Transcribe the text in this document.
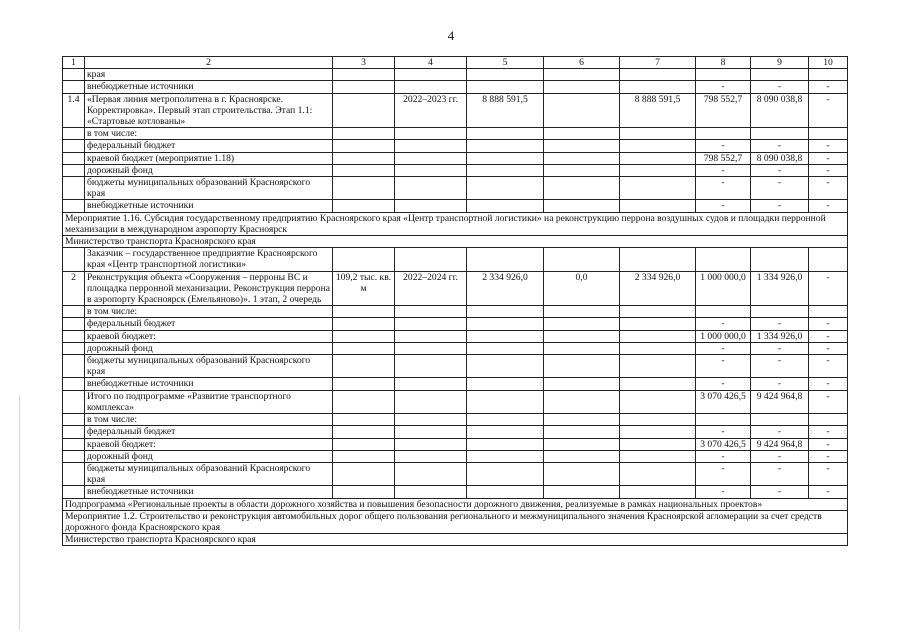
4
1	2	3	4	5	6	7	8	9	10
	края								
	внебюджетные источники						-	-	-
1.4	«Первая линия метрополитена в г. Красноярске. Корректировка». Первый этап строительства. Этап 1.1: «Стартовые котлованы»		2022–2023 гг.	8 888 591,5		8 888 591,5	798 552,7	8 090 038,8	-
	в том числе:								
	федеральный бюджет						-	-	-
	краевой бюджет (мероприятие 1.18)						798 552,7	8 090 038,8	-
	дорожный фонд						-	-	-
	бюджеты муниципальных образований Красноярского края						-	-	-
	внебюджетные источники						-	-	-
Мероприятие 1.16. Субсидия государственному предприятию Красноярского края «Центр транспортной логистики» на реконструкцию перрона воздушных судов и площадки перронной механизации в международном аэропорту Красноярск									
Министерство транспорта Красноярского края									
	Заказчик – государственное предприятие Красноярского края «Центр транспортной логистики»								
2	Реконструкция объекта «Сооружения – перроны ВС и площадка перронной механизации. Реконструкция перрона в аэропорту Красноярск (Емельяново)». 1 этап, 2 очередь	109,2 тыс. кв. м	2022–2024 гг.	2 334 926,0	0,0	2 334 926,0	1 000 000,0	1 334 926,0	-
	в том числе:								
	федеральный бюджет						-	-	-
	краевой бюджет:						1 000 000,0	1 334 926,0	-
	дорожный фонд						-	-	-
	бюджеты муниципальных образований Красноярского края						-	-	-
	внебюджетные источники						-	-	-
	Итого по подпрограмме «Развитие транспортного комплекса»						3 070 426,5	9 424 964,8	-
	в том числе:								
	федеральный бюджет						-	-	-
	краевой бюджет:						3 070 426,5	9 424 964,8	-
	дорожный фонд						-	-	-
	бюджеты муниципальных образований Красноярского края						-	-	-
	внебюджетные источники						-	-	-
Подпрограмма «Региональные проекты в области дорожного хозяйства и повышения безопасности дорожного движения, реализуемые в рамках национальных проектов»									
Мероприятие 1.2. Строительство и реконструкция автомобильных дорог общего пользования регионального и межмуниципального значения Красноярской агломерации за счет средств дорожного фонда Красноярского края									
Министерство транспорта Красноярского края									
